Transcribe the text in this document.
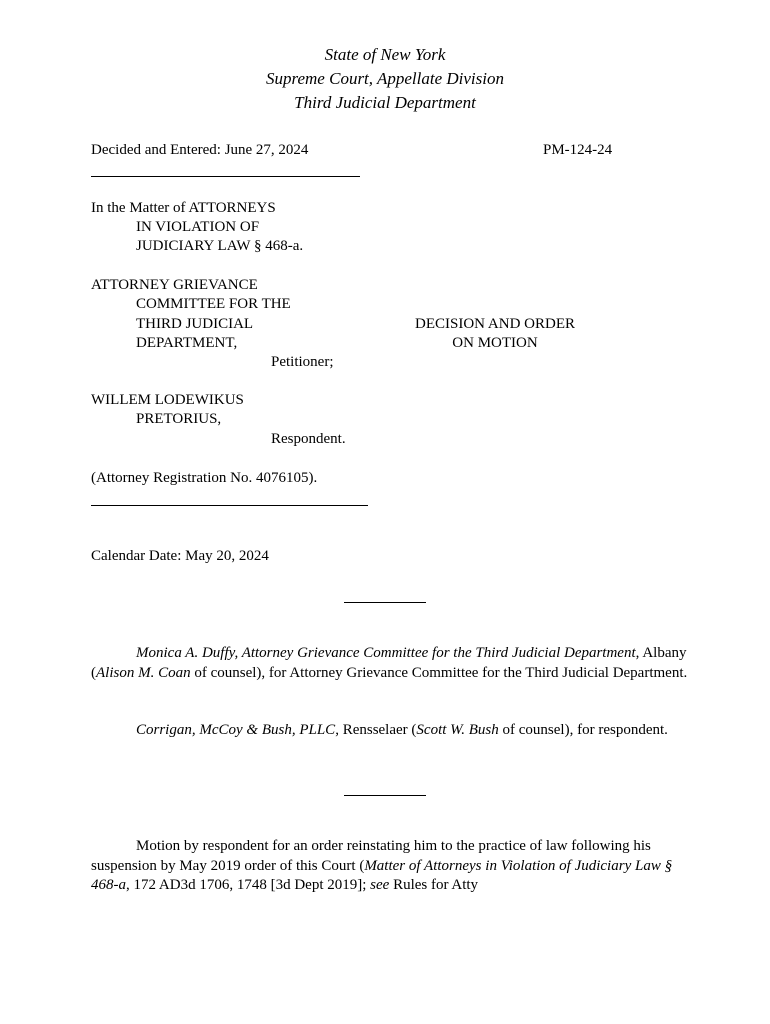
State of New York
Supreme Court, Appellate Division
Third Judicial Department
Decided and Entered: June 27, 2024	PM-124-24
In the Matter of ATTORNEYS
IN VIOLATION OF
JUDICIARY LAW § 468-a.
ATTORNEY GRIEVANCE
COMMITTEE FOR THE
THIRD JUDICIAL
DEPARTMENT,
Petitioner;
WILLEM LODEWIKUS
PRETORIUS,
Respondent.
(Attorney Registration No. 4076105).
DECISION AND ORDER
ON MOTION
Calendar Date: May 20, 2024
Monica A. Duffy, Attorney Grievance Committee for the Third Judicial Department, Albany (Alison M. Coan of counsel), for Attorney Grievance Committee for the Third Judicial Department.
Corrigan, McCoy & Bush, PLLC, Rensselaer (Scott W. Bush of counsel), for respondent.
Motion by respondent for an order reinstating him to the practice of law following his suspension by May 2019 order of this Court (Matter of Attorneys in Violation of Judiciary Law § 468-a, 172 AD3d 1706, 1748 [3d Dept 2019]; see Rules for Atty
